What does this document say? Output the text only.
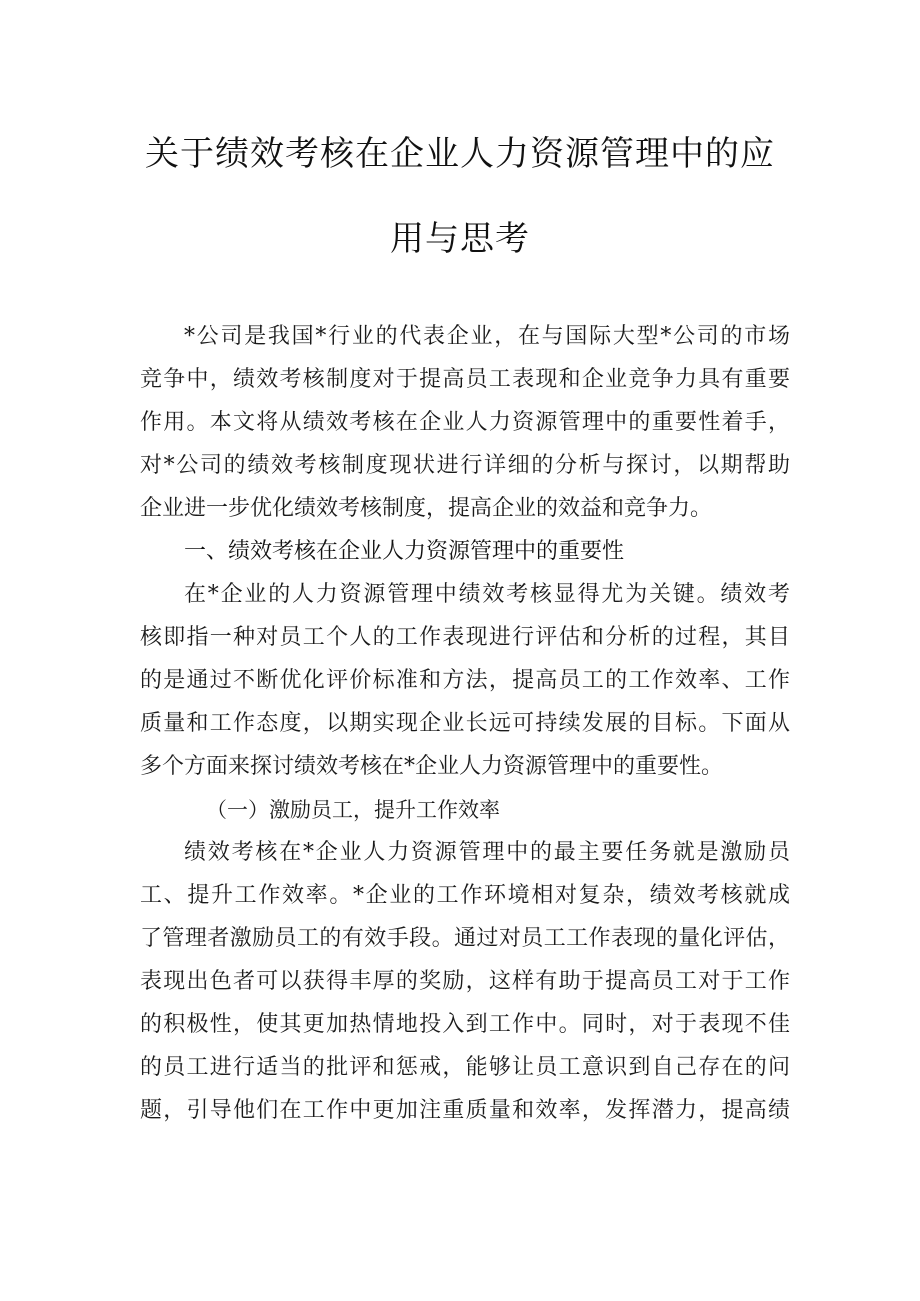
关于绩效考核在企业人力资源管理中的应
用与思考
*公司是我国*行业的代表企业，在与国际大型*公司的市场
竞争中，绩效考核制度对于提高员工表现和企业竞争力具有重要
作用。本文将从绩效考核在企业人力资源管理中的重要性着手，
对*公司的绩效考核制度现状进行详细的分析与探讨，以期帮助
企业进一步优化绩效考核制度，提高企业的效益和竞争力。
一、绩效考核在企业人力资源管理中的重要性
在*企业的人力资源管理中绩效考核显得尤为关键。绩效考
核即指一种对员工个人的工作表现进行评估和分析的过程，其目
的是通过不断优化评价标准和方法，提高员工的工作效率、工作
质量和工作态度，以期实现企业长远可持续发展的目标。下面从
多个方面来探讨绩效考核在*企业人力资源管理中的重要性。
（一）激励员工，提升工作效率
绩效考核在*企业人力资源管理中的最主要任务就是激励员
工、提升工作效率。*企业的工作环境相对复杂，绩效考核就成
了管理者激励员工的有效手段。通过对员工工作表现的量化评估，
表现出色者可以获得丰厚的奖励，这样有助于提高员工对于工作
的积极性，使其更加热情地投入到工作中。同时，对于表现不佳
的员工进行适当的批评和惩戒，能够让员工意识到自己存在的问
题，引导他们在工作中更加注重质量和效率，发挥潜力，提高绩
